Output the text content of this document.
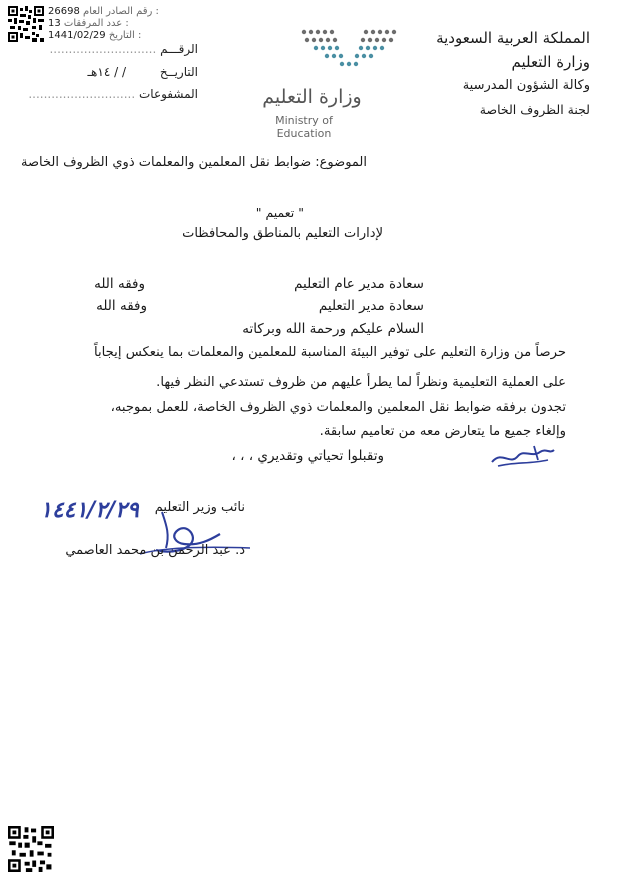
26698 رقم الصادر العام :
13 عدد المرفقات :
1441/02/29 التاريخ :	المملكة العربية السعودية
وزارة التعليم
وكالة الشؤون المدرسية
لجنة الظروف الخاصة
الرقـــم ............................
التاريــخ / / ١٤هـ
المشفوعات ............................	وزارة التعليم
Ministry of Education
الموضوع: ضوابط نقل المعلمين والمعلمات ذوي الظروف الخاصة
" تعميم "
لإدارات التعليم بالمناطق والمحافظات
سعادة مدير عام التعليم
وفقه الله
سعادة مدير التعليم
وفقه الله
السلام عليكم ورحمة الله وبركاته
حرصاً من وزارة التعليم على توفير البيئة المناسبة للمعلمين والمعلمات بما ينعكس إيجاباً
على العملية التعليمية ونظراً لما يطرأ عليهم من ظروف تستدعي النظر فيها.
تجدون برفقه ضوابط نقل المعلمين والمعلمات ذوي الظروف الخاصة، للعمل بموجبه،
وإلغاء جميع ما يتعارض معه من تعاميم سابقة.
وتقبلوا تحياتي وتقديري ، ، ،
نائب وزير التعليم
١٤٤١/٢/٢٩
د. عبد الرحمن بن محمد العاصمي
